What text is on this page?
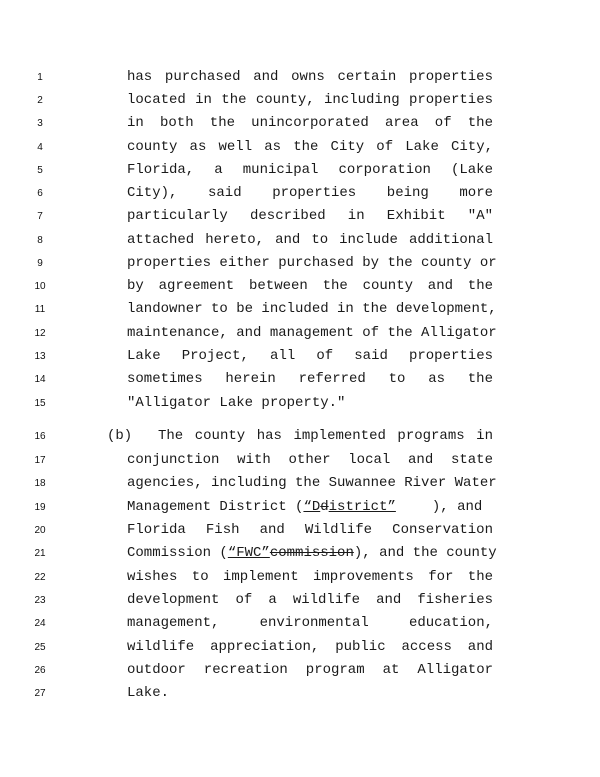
1	has purchased and owns certain properties
2	located in the county, including properties
3	in both the unincorporated area of the
4	county as well as the City of Lake City,
5	Florida, a municipal corporation (Lake
6	City), said properties being more
7	particularly described in Exhibit "A"
8	attached hereto, and to include additional
9	properties either purchased by the county or
10	by agreement between the county and the
11	landowner to be included in the development,
12	maintenance, and management of the Alligator
13	Lake Project, all of said properties
14	sometimes herein referred to as the
15	"Alligator Lake property."
16	(b) The county has implemented programs in
17	conjunction with other local and state
18	agencies, including the Suwannee River Water
19	Management District (“Ddistrict”	), and
20	Florida Fish and Wildlife Conservation
21	Commission (“FWC”commission), and the county
22	wishes to implement improvements for the
23	development of a wildlife and fisheries
24	management, environmental education,
25	wildlife appreciation, public access and
26	outdoor recreation program at Alligator
27	Lake.
